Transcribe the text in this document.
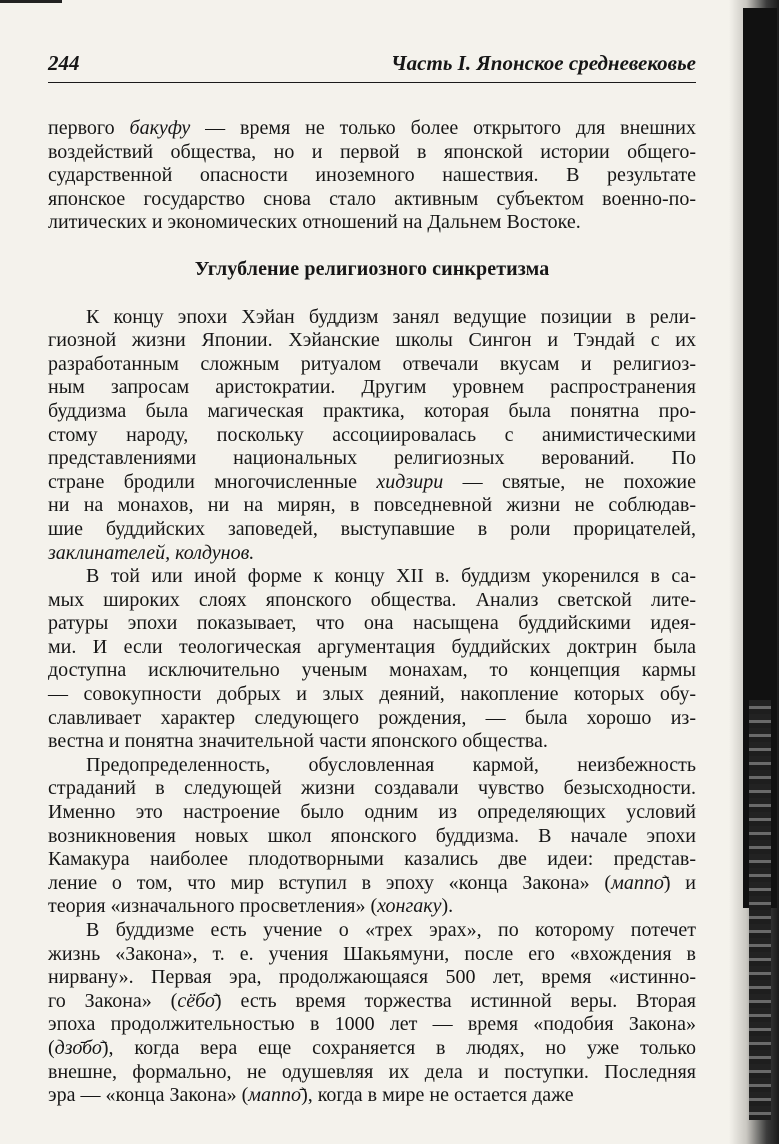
244	Часть I. Японское средневековье
первого бакуфу — время не только более открытого для внешних
воздействий общества, но и первой в японской истории общего-
сударственной опасности иноземного нашествия. В результате
японское государство снова стало активным субъектом военно-по-
литических и экономических отношений на Дальнем Востоке.
Углубление религиозного синкретизма
К концу эпохи Хэйан буддизм занял ведущие позиции в рели-
гиозной жизни Японии. Хэйанские школы Сингон и Тэндай с их
разработанным сложным ритуалом отвечали вкусам и религиоз-
ным запросам аристократии. Другим уровнем распространения
буддизма была магическая практика, которая была понятна про-
стому народу, поскольку ассоциировалась с анимистическими
представлениями национальных религиозных верований. По
стране бродили многочисленные хидзири — святые, не похожие
ни на монахов, ни на мирян, в повседневной жизни не соблюдав-
шие буддийских заповедей, выступавшие в роли прорицателей,
заклинателей, колдунов.
В той или иной форме к концу XII в. буддизм укоренился в са-
мых широких слоях японского общества. Анализ светской лите-
ратуры эпохи показывает, что она насыщена буддийскими идея-
ми. И если теологическая аргументация буддийских доктрин была
доступна исключительно ученым монахам, то концепция кармы
— совокупности добрых и злых деяний, накопление которых обу-
славливает характер следующего рождения, — была хорошо из-
вестна и понятна значительной части японского общества.
Предопределенность, обусловленная кармой, неизбежность
страданий в следующей жизни создавали чувство безысходности.
Именно это настроение было одним из определяющих условий
возникновения новых школ японского буддизма. В начале эпохи
Камакура наиболее плодотворными казались две идеи: представ-
ление о том, что мир вступил в эпоху «конца Закона» (маппо̄) и
теория «изначального просветления» (хонгаку).
В буддизме есть учение о «трех эрах», по которому потечет
жизнь «Закона», т. е. учения Шакьямуни, после его «вхождения в
нирвану». Первая эра, продолжающаяся 500 лет, время «истинно-
го Закона» (сёбо̄) есть время торжества истинной веры. Вторая
эпоха продолжительностью в 1000 лет — время «подобия Закона»
(дзо̄бо̄), когда вера еще сохраняется в людях, но уже только
внешне, формально, не одушевляя их дела и поступки. Последняя
эра — «конца Закона» (маппо̄), когда в мире не остается даже
